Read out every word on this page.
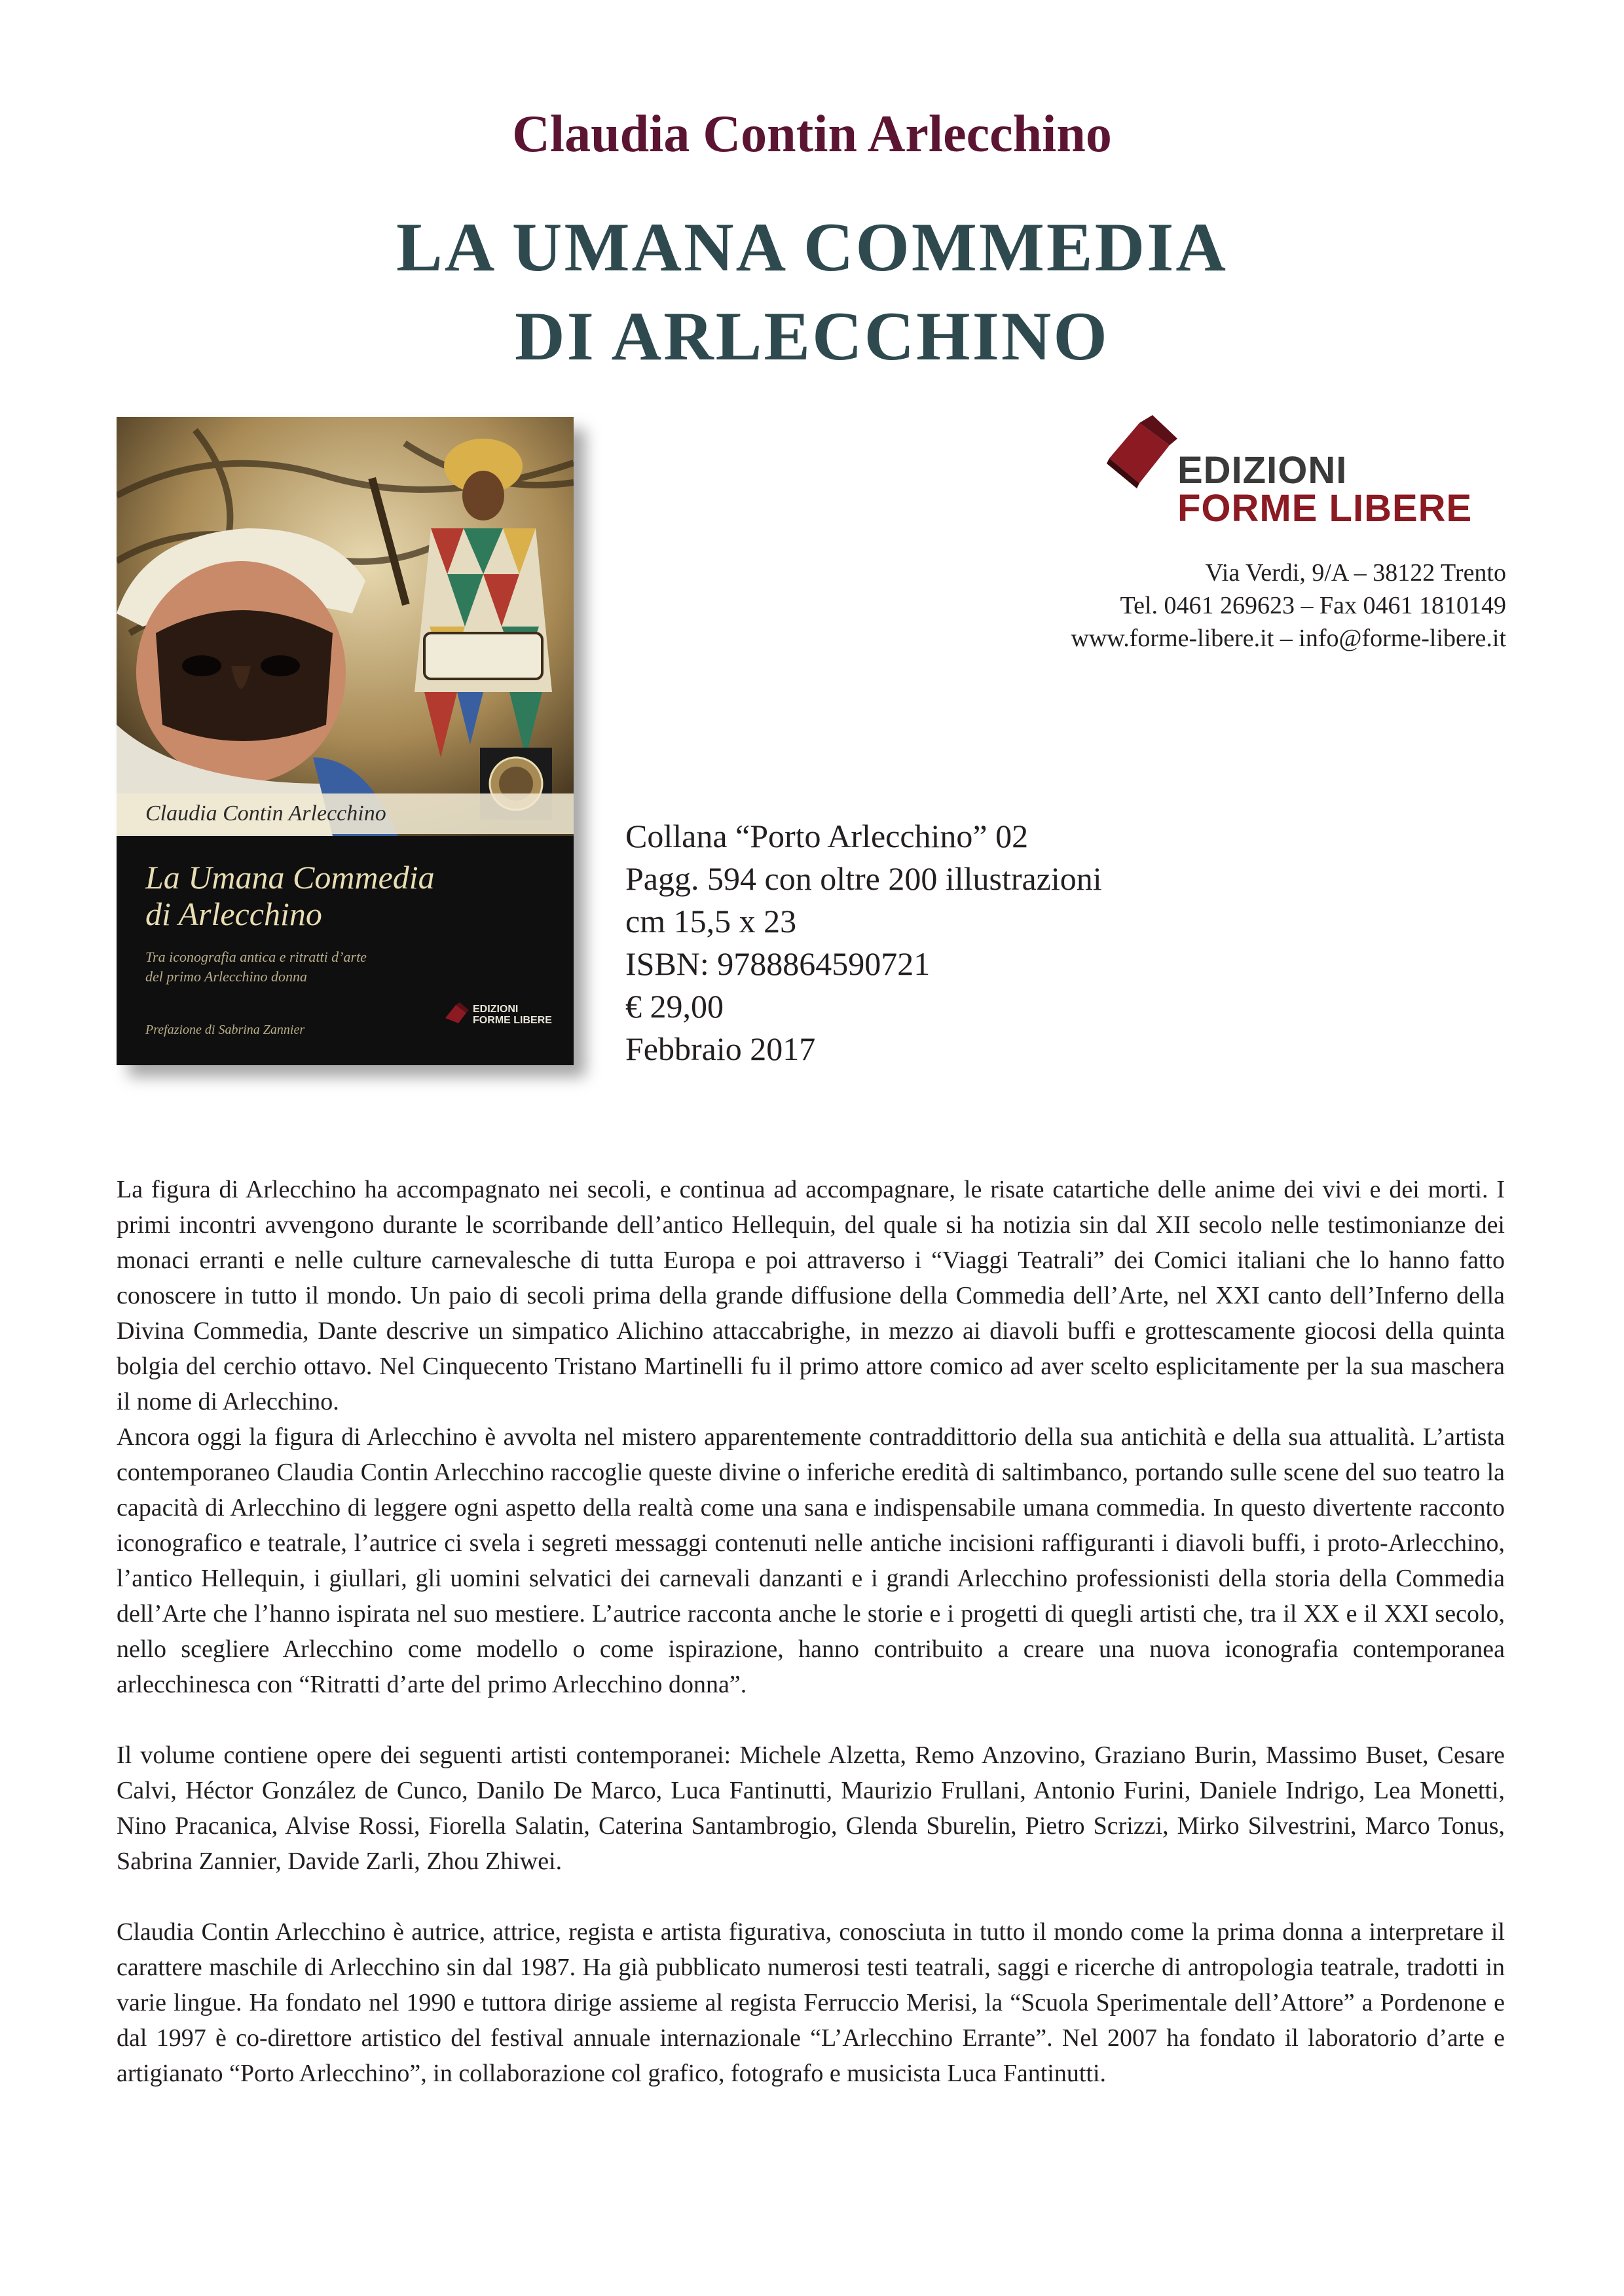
Claudia Contin Arlecchino
LA UMANA COMMEDIA
DI ARLECCHINO
Claudia Contin Arlecchino
La Umana Commedia
di Arlecchino
Tra iconografia antica e ritratti d’arte
del primo Arlecchino donna
Prefazione di Sabrina Zannier
EDIZIONI
FORME LIBERE
EDIZIONI
FORME LIBERE
Via Verdi, 9/A – 38122 Trento
Tel. 0461 269623 – Fax 0461 1810149
www.forme-libere.it – info@forme-libere.it
Collana “Porto Arlecchino” 02
Pagg. 594 con oltre 200 illustrazioni
cm 15,5 x 23
ISBN: 9788864590721
€ 29,00
Febbraio 2017

La figura di Arlecchino ha accompagnato nei secoli, e continua ad accompagnare, le risate catartiche delle anime dei vivi e dei morti. I primi incontri avvengono durante le scorribande dell’antico Hellequin, del quale si ha notizia sin dal XII secolo nelle testimonianze dei monaci erranti e nelle culture carnevalesche di tutta Europa e poi attraverso i “Viaggi Teatrali” dei Comici italiani che lo hanno fatto conoscere in tutto il mondo. Un paio di secoli prima della grande diffusione della Commedia dell’Arte, nel XXI canto dell’Inferno della Divina Commedia, Dante descrive un simpatico Alichino attaccabrighe, in mezzo ai diavoli buffi e grottescamente giocosi della quinta bolgia del cerchio ottavo. Nel Cinquecento Tristano Martinelli fu il primo attore comico ad aver scelto esplicitamente per la sua maschera il nome di Arlecchino.

Ancora oggi la figura di Arlecchino è avvolta nel mistero apparentemente contraddittorio della sua antichità e della sua attualità. L’artista contemporaneo Claudia Contin Arlecchino raccoglie queste divine o inferiche eredità di saltimbanco, portando sulle scene del suo teatro la capacità di Arlecchino di leggere ogni aspetto della realtà come una sana e indispensabile umana commedia. In questo divertente racconto iconografico e teatrale, l’autrice ci svela i segreti messaggi contenuti nelle antiche incisioni raffiguranti i diavoli buffi, i proto-Arlecchino, l’antico Hellequin, i giullari, gli uomini selvatici dei carnevali danzanti e i grandi Arlecchino professionisti della storia della Commedia dell’Arte che l’hanno ispirata nel suo mestiere. L’autrice racconta anche le storie e i progetti di quegli artisti che, tra il XX e il XXI secolo, nello scegliere Arlecchino come modello o come ispirazione, hanno contribuito a creare una nuova iconografia contemporanea arlecchinesca con “Ritratti d’arte del primo Arlecchino donna”.

Il volume contiene opere dei seguenti artisti contemporanei: Michele Alzetta, Remo Anzovino, Graziano Burin, Massimo Buset, Cesare Calvi, Héctor González de Cunco, Danilo De Marco, Luca Fantinutti, Maurizio Frullani, Antonio Furini, Daniele Indrigo, Lea Monetti, Nino Pracanica, Alvise Rossi, Fiorella Salatin, Caterina Santambrogio, Glenda Sburelin, Pietro Scrizzi, Mirko Silvestrini, Marco Tonus, Sabrina Zannier, Davide Zarli, Zhou Zhiwei.

Claudia Contin Arlecchino è autrice, attrice, regista e artista figurativa, conosciuta in tutto il mondo come la prima donna a interpretare il carattere maschile di Arlecchino sin dal 1987. Ha già pubblicato numerosi testi teatrali, saggi e ricerche di antropologia teatrale, tradotti in varie lingue. Ha fondato nel 1990 e tuttora dirige assieme al regista Ferruccio Merisi, la “Scuola Sperimentale dell’Attore” a Pordenone e dal 1997 è co-direttore artistico del festival annuale internazionale “L’Arlecchino Errante”. Nel 2007 ha fondato il laboratorio d’arte e artigianato “Porto Arlecchino”, in collaborazione col grafico, fotografo e musicista Luca Fantinutti.
